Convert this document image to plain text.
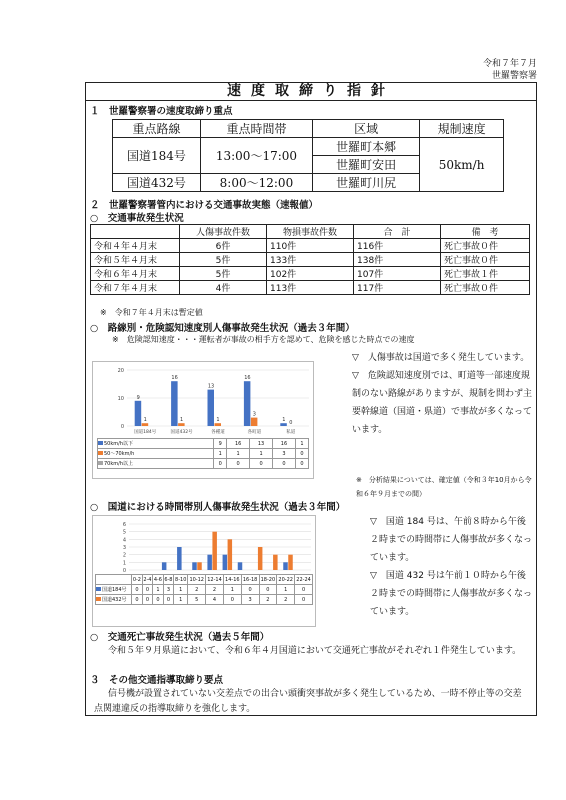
令和７年７月
世羅警察署
速度取締り指針
１　世羅警察署の速度取締り重点
重点路線	重点時間帯	区域	規制速度
国道184号	13:00～17:00	世羅町本郷	50km/h
		世羅町安田	
国道432号	8:00～12:00	世羅町川尻	
２　世羅警察署管内における交通事故実態（速報値）
○　交通事故発生状況
	人傷事故件数	物損事故件数	合　計	備　考
令和４年４月末	6件	110件	116件	死亡事故０件
令和５年４月末	5件	133件	138件	死亡事故０件
令和６年４月末	5件	102件	107件	死亡事故１件
令和７年４月末	4件	113件	117件	死亡事故０件
※　令和７年４月末は暫定値
○　路線別・危険認知速度別人傷事故発生状況（過去３年間）
※　危険認知速度・・・運転者が事故の相手方を認めて、危険を感じた時点での速度
0
10
20
9
16
13
16
1
1	1	1
3
0
国道184号	国道432号	各種道	各町道	私道
50km/h以下	9	16	13	16	1
50〜70km/h	1	1	1	3	0
70km/h以上	0	0	0	0	0
▽　人傷事故は国道で多く発生しています。
▽　危険認知速度別では、町道等一部速度規制のない路線がありますが、規制を問わず主要幹線道（国道・県道）で事故が多くなっています。
※　分析結果については、確定値（令和３年10月から令和６年９月までの間）
○　国道における時間帯別人傷事故発生状況（過去３年間）
0
1
2
3
4
5
6
	0-2	2-4	4-6	6-8	8-10	10-12	12-14	14-16	16-18	18-20	20-22	22-24
国道184号	0	0	1	3	1	2	2	1	0	0	1	0
国道432号	0	0	0	0	1	5	4	0	3	2	2	0
▽　国道 184 号は、午前８時から午後２時までの時間帯に人傷事故が多くなっています。
▽　国道 432 号は午前１０時から午後２時までの時間帯に人傷事故が多くなっています。
○　交通死亡事故発生状況（過去５年間）
令和５年９月県道において、令和６年４月国道において交通死亡事故がそれぞれ１件発生しています。
３　その他交通指導取締り要点
信号機が設置されていない交差点での出合い頭衝突事故が多く発生しているため、一時不停止等の交差点関連違反の指導取締りを強化します。
